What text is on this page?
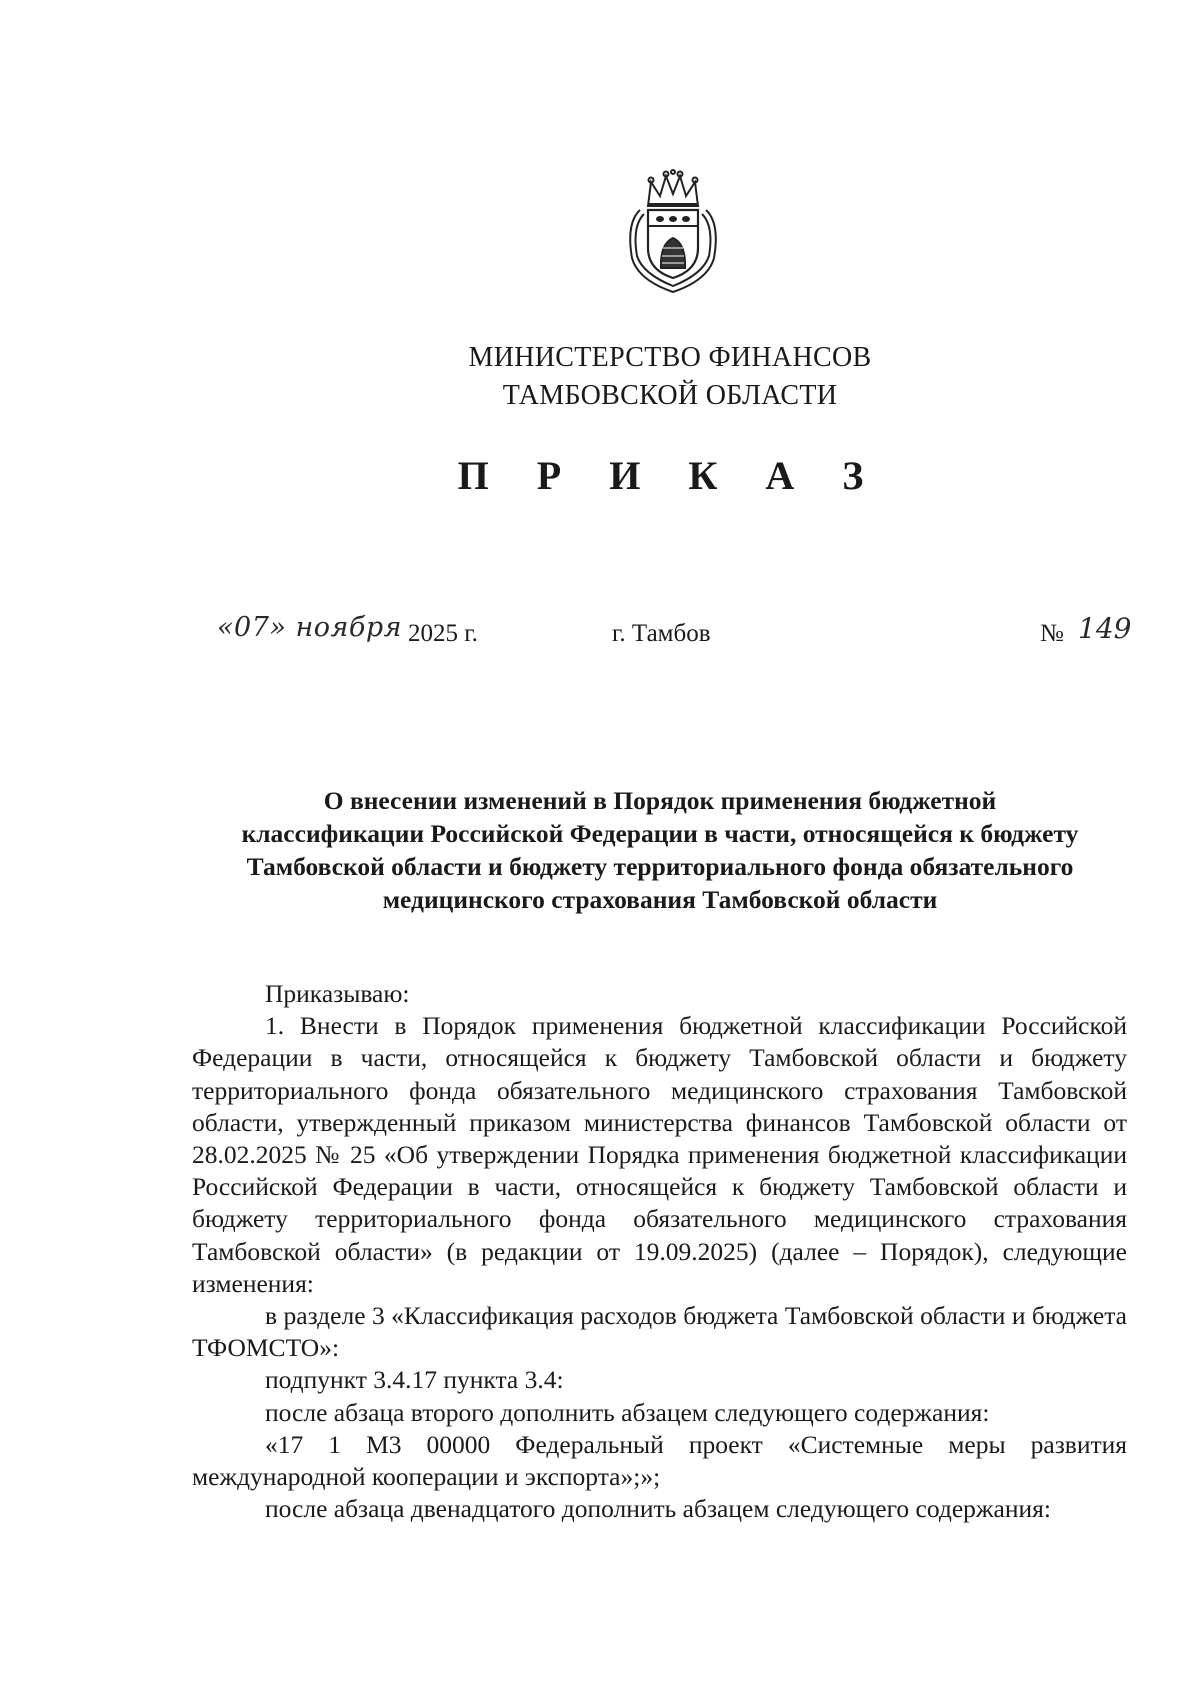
МИНИСТЕРСТВО ФИНАНСОВ
ТАМБОВСКОЙ ОБЛАСТИ
П Р И К А З
«07» ноября 2025 г.	г. Тамбов	№ 149
О внесении изменений в Порядок применения бюджетной
классификации Российской Федерации в части, относящейся к бюджету
Тамбовской области и бюджету территориального фонда обязательного
медицинского страхования Тамбовской области

Приказываю:

1. Внести в Порядок применения бюджетной классификации Российской Федерации в части, относящейся к бюджету Тамбовской области и бюджету территориального фонда обязательного медицинского страхования Тамбовской области, утвержденный приказом министерства финансов Тамбовской области от 28.02.2025 № 25 «Об утверждении Порядка применения бюджетной классификации Российской Федерации в части, относящейся к бюджету Тамбовской области и бюджету территориального фонда обязательного медицинского страхования Тамбовской области» (в редакции от 19.09.2025) (далее – Порядок), следующие изменения:

в разделе 3 «Классификация расходов бюджета Тамбовской области и бюджета ТФОМСТО»:

подпункт 3.4.17 пункта 3.4:

после абзаца второго дополнить абзацем следующего содержания:

«17 1 М3 00000 Федеральный проект «Системные меры развития международной кооперации и экспорта»;»;

после абзаца двенадцатого дополнить абзацем следующего содержания:
